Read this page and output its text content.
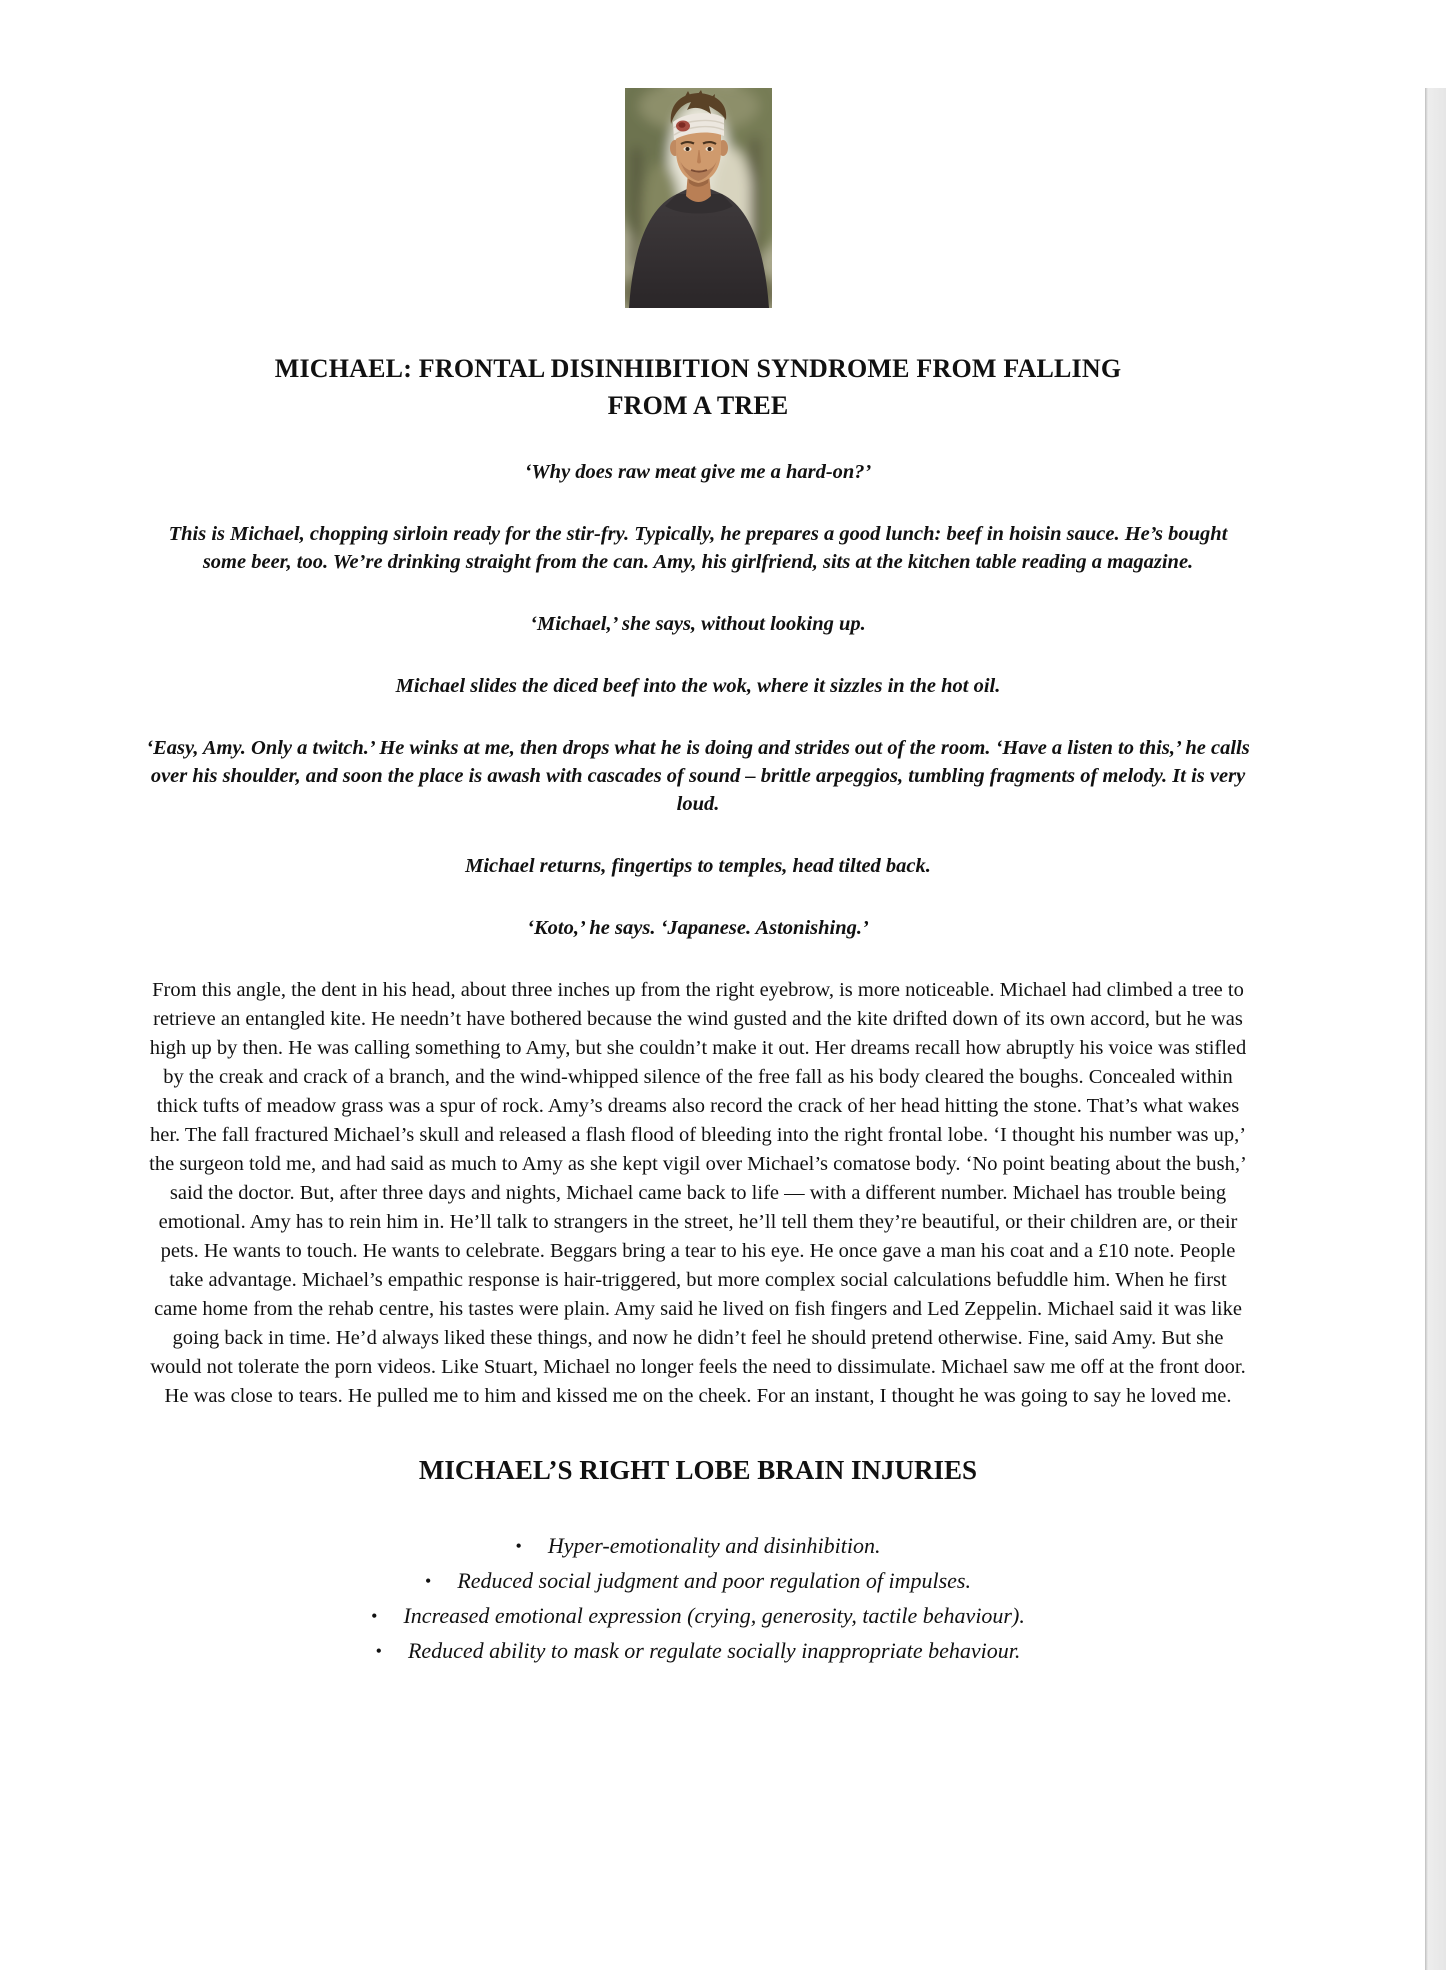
MICHAEL: FRONTAL DISINHIBITION SYNDROME FROM FALLING
FROM A TREE

‘Why does raw meat give me a hard-on?’

This is Michael, chopping sirloin ready for the stir-fry. Typically, he prepares a good lunch: beef in hoisin sauce. He’s bought some beer, too. We’re drinking straight from the can. Amy, his girlfriend, sits at the kitchen table reading a magazine.

‘Michael,’ she says, without looking up.

Michael slides the diced beef into the wok, where it sizzles in the hot oil.

‘Easy, Amy. Only a twitch.’ He winks at me, then drops what he is doing and strides out of the room. ‘Have a listen to this,’ he calls over his shoulder, and soon the place is awash with cascades of sound – brittle arpeggios, tumbling fragments of melody. It is very loud.

Michael returns, fingertips to temples, head tilted back.

‘Koto,’ he says. ‘Japanese. Astonishing.’

From this angle, the dent in his head, about three inches up from the right eyebrow, is more noticeable. Michael had climbed a tree to retrieve an entangled kite. He needn’t have bothered because the wind gusted and the kite drifted down of its own accord, but he was high up by then. He was calling something to Amy, but she couldn’t make it out. Her dreams recall how abruptly his voice was stifled by the creak and crack of a branch, and the wind-whipped silence of the free fall as his body cleared the boughs. Concealed within thick tufts of meadow grass was a spur of rock. Amy’s dreams also record the crack of her head hitting the stone. That’s what wakes her. The fall fractured Michael’s skull and released a flash flood of bleeding into the right frontal lobe. ‘I thought his number was up,’ the surgeon told me, and had said as much to Amy as she kept vigil over Michael’s comatose body. ‘No point beating about the bush,’ said the doctor. But, after three days and nights, Michael came back to life — with a different number. Michael has trouble being emotional. Amy has to rein him in. He’ll talk to strangers in the street, he’ll tell them they’re beautiful, or their children are, or their pets. He wants to touch. He wants to celebrate. Beggars bring a tear to his eye. He once gave a man his coat and a £10 note. People take advantage. Michael’s empathic response is hair-triggered, but more complex social calculations befuddle him. When he first came home from the rehab centre, his tastes were plain. Amy said he lived on fish fingers and Led Zeppelin. Michael said it was like going back in time. He’d always liked these things, and now he didn’t feel he should pretend otherwise. Fine, said Amy. But she would not tolerate the porn videos. Like Stuart, Michael no longer feels the need to dissimulate. Michael saw me off at the front door. He was close to tears. He pulled me to him and kissed me on the cheek. For an instant, I thought he was going to say he loved me.

MICHAEL’S RIGHT LOBE BRAIN INJURIES
• Hyper-emotionality and disinhibition.
• Reduced social judgment and poor regulation of impulses.
• Increased emotional expression (crying, generosity, tactile behaviour).
• Reduced ability to mask or regulate socially inappropriate behaviour.
